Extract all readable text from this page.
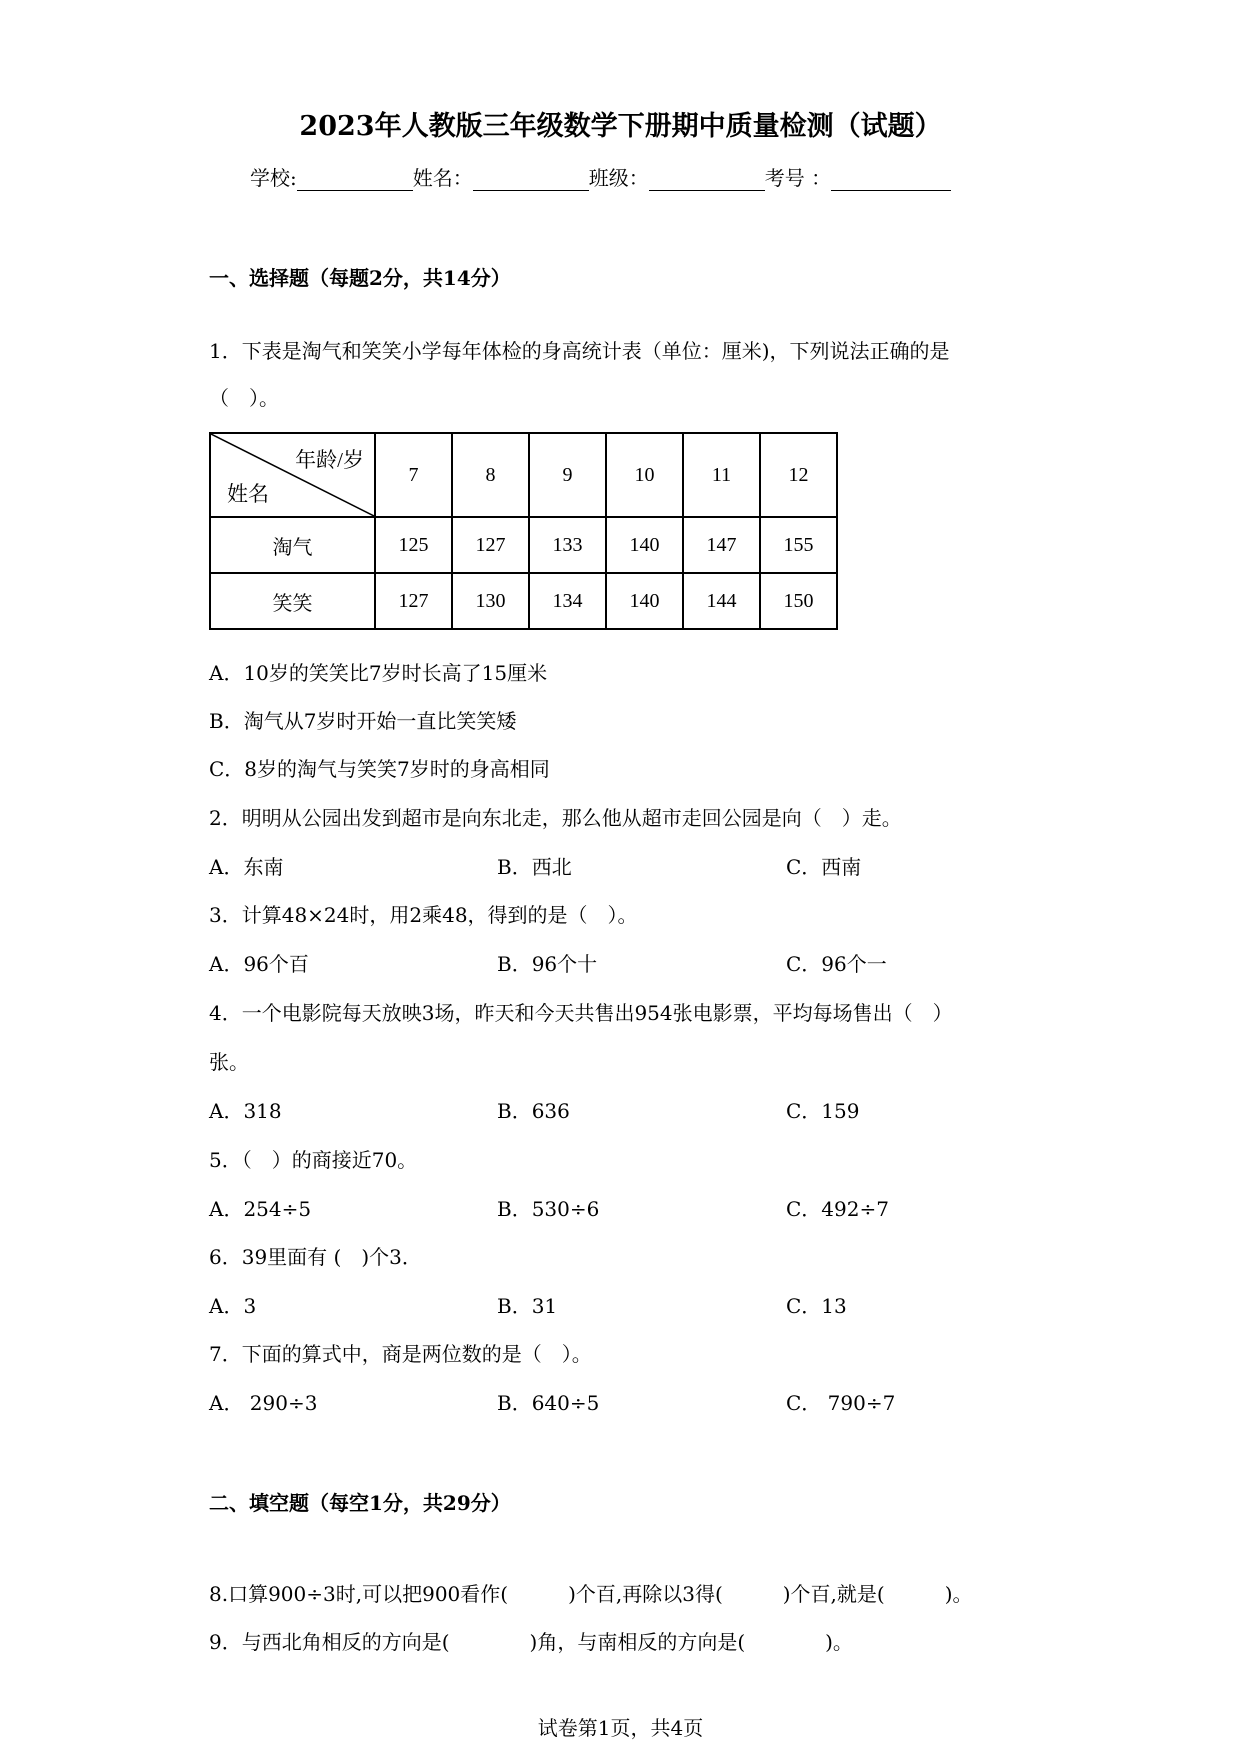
2023年人教版三年级数学下册期中质量检测（试题）
学校:	姓名：	班级：	考号 ：
一、选择题（每题2分，共14分）
1．下表是淘气和笑笑小学每年体检的身高统计表（单位：厘米)，下列说法正确的是
（　）。
年龄/岁
姓名	7	8	9	10	11	12
淘气	125	127	133	140	147	155
笑笑	127	130	134	140	144	150
A．10岁的笑笑比7岁时长高了15厘米
B．淘气从7岁时开始一直比笑笑矮
C．8岁的淘气与笑笑7岁时的身高相同
2．明明从公园出发到超市是向东北走，那么他从超市走回公园是向（　）走。
A．东南	B．西北	C．西南
3．计算48×24时，用2乘48，得到的是（　）。
A．96个百	B．96个十	C．96个一
4．一个电影院每天放映3场，昨天和今天共售出954张电影票，平均每场售出（　）
张。
A．318	B．636	C．159
5．（　）的商接近70。
A．254÷5	B．530÷6	C．492÷7
6．39里面有 (　)个3．
A．3	B．31	C．13
7．下面的算式中，商是两位数的是（　）。
A． 290÷3	B．640÷5	C． 790÷7
二、填空题（每空1分，共29分）
8.口算900÷3时,可以把900看作(　　　)个百,再除以3得(　　　)个百,就是(　　　)。
9．与西北角相反的方向是(　　　　)角，与南相反的方向是(　　　　)。
试卷第1页，共4页
